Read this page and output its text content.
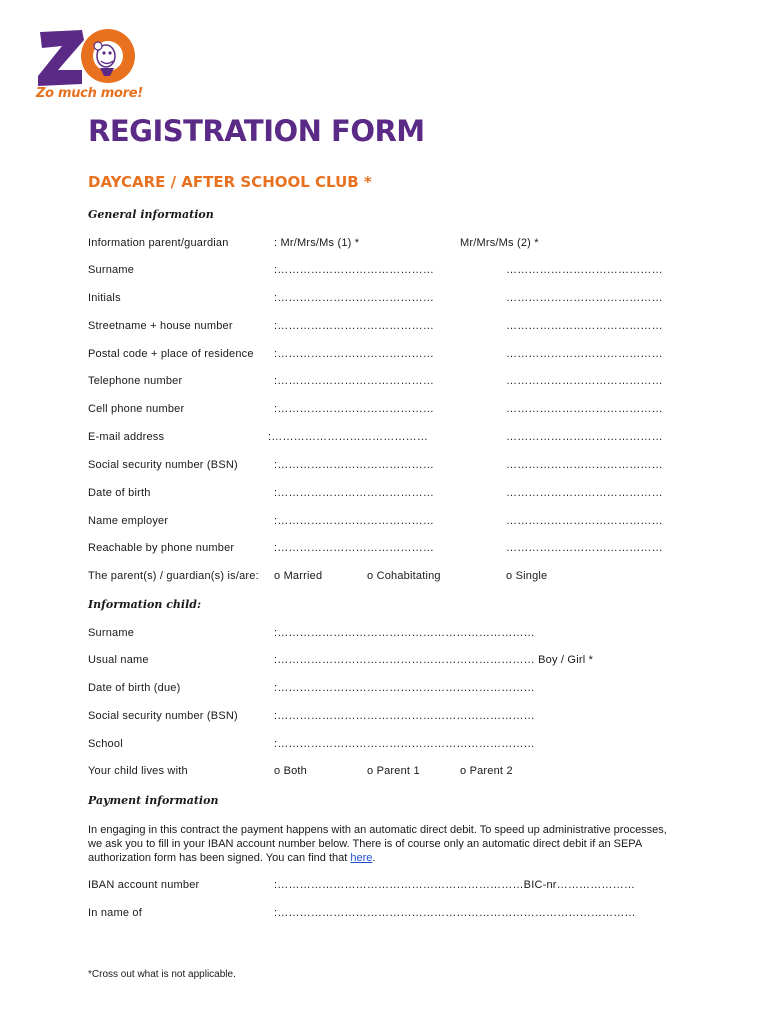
Zo much more!
REGISTRATION FORM
DAYCARE / AFTER SCHOOL CLUB *
General information
Information parent/guardian	: Mr/Mrs/Ms (1) *	Mr/Mrs/Ms (2) *
Surname	:……………………………………	……………………………………
Initials	:……………………………………	……………………………………
Streetname + house number	:……………………………………	……………………………………
Postal code + place of residence :……………………………………	……………………………………
Telephone number	:……………………………………	……………………………………
Cell phone number	:……………………………………	……………………………………
E-mail address	:……………………………………	……………………………………
Social security number (BSN)	:……………………………………	……………………………………
Date of birth	:……………………………………	……………………………………
Name employer	:……………………………………	……………………………………
Reachable by phone number	:……………………………………	……………………………………
The parent(s) / guardian(s) is/are: o Married	o Cohabitating	o Single
Information child:
Surname	:……………………………………………………………
Usual name	:…………………………………………………………… Boy / Girl *
Date of birth (due)	:……………………………………………………………
Social security number (BSN)	:……………………………………………………………
School	:……………………………………………………………
Your child lives with	o Both	o Parent 1	o Parent 2
Payment information
In engaging in this contract the payment happens with an automatic direct debit. To speed up administrative processes, we ask you to fill in your IBAN account number below. There is of course only an automatic direct debit if an SEPA authorization form has been signed. You can find that here.
IBAN account number	:…………………………………………………………BIC-nr…………………
In name of	:……………………………………………………………………………………
*Cross out what is not applicable.
